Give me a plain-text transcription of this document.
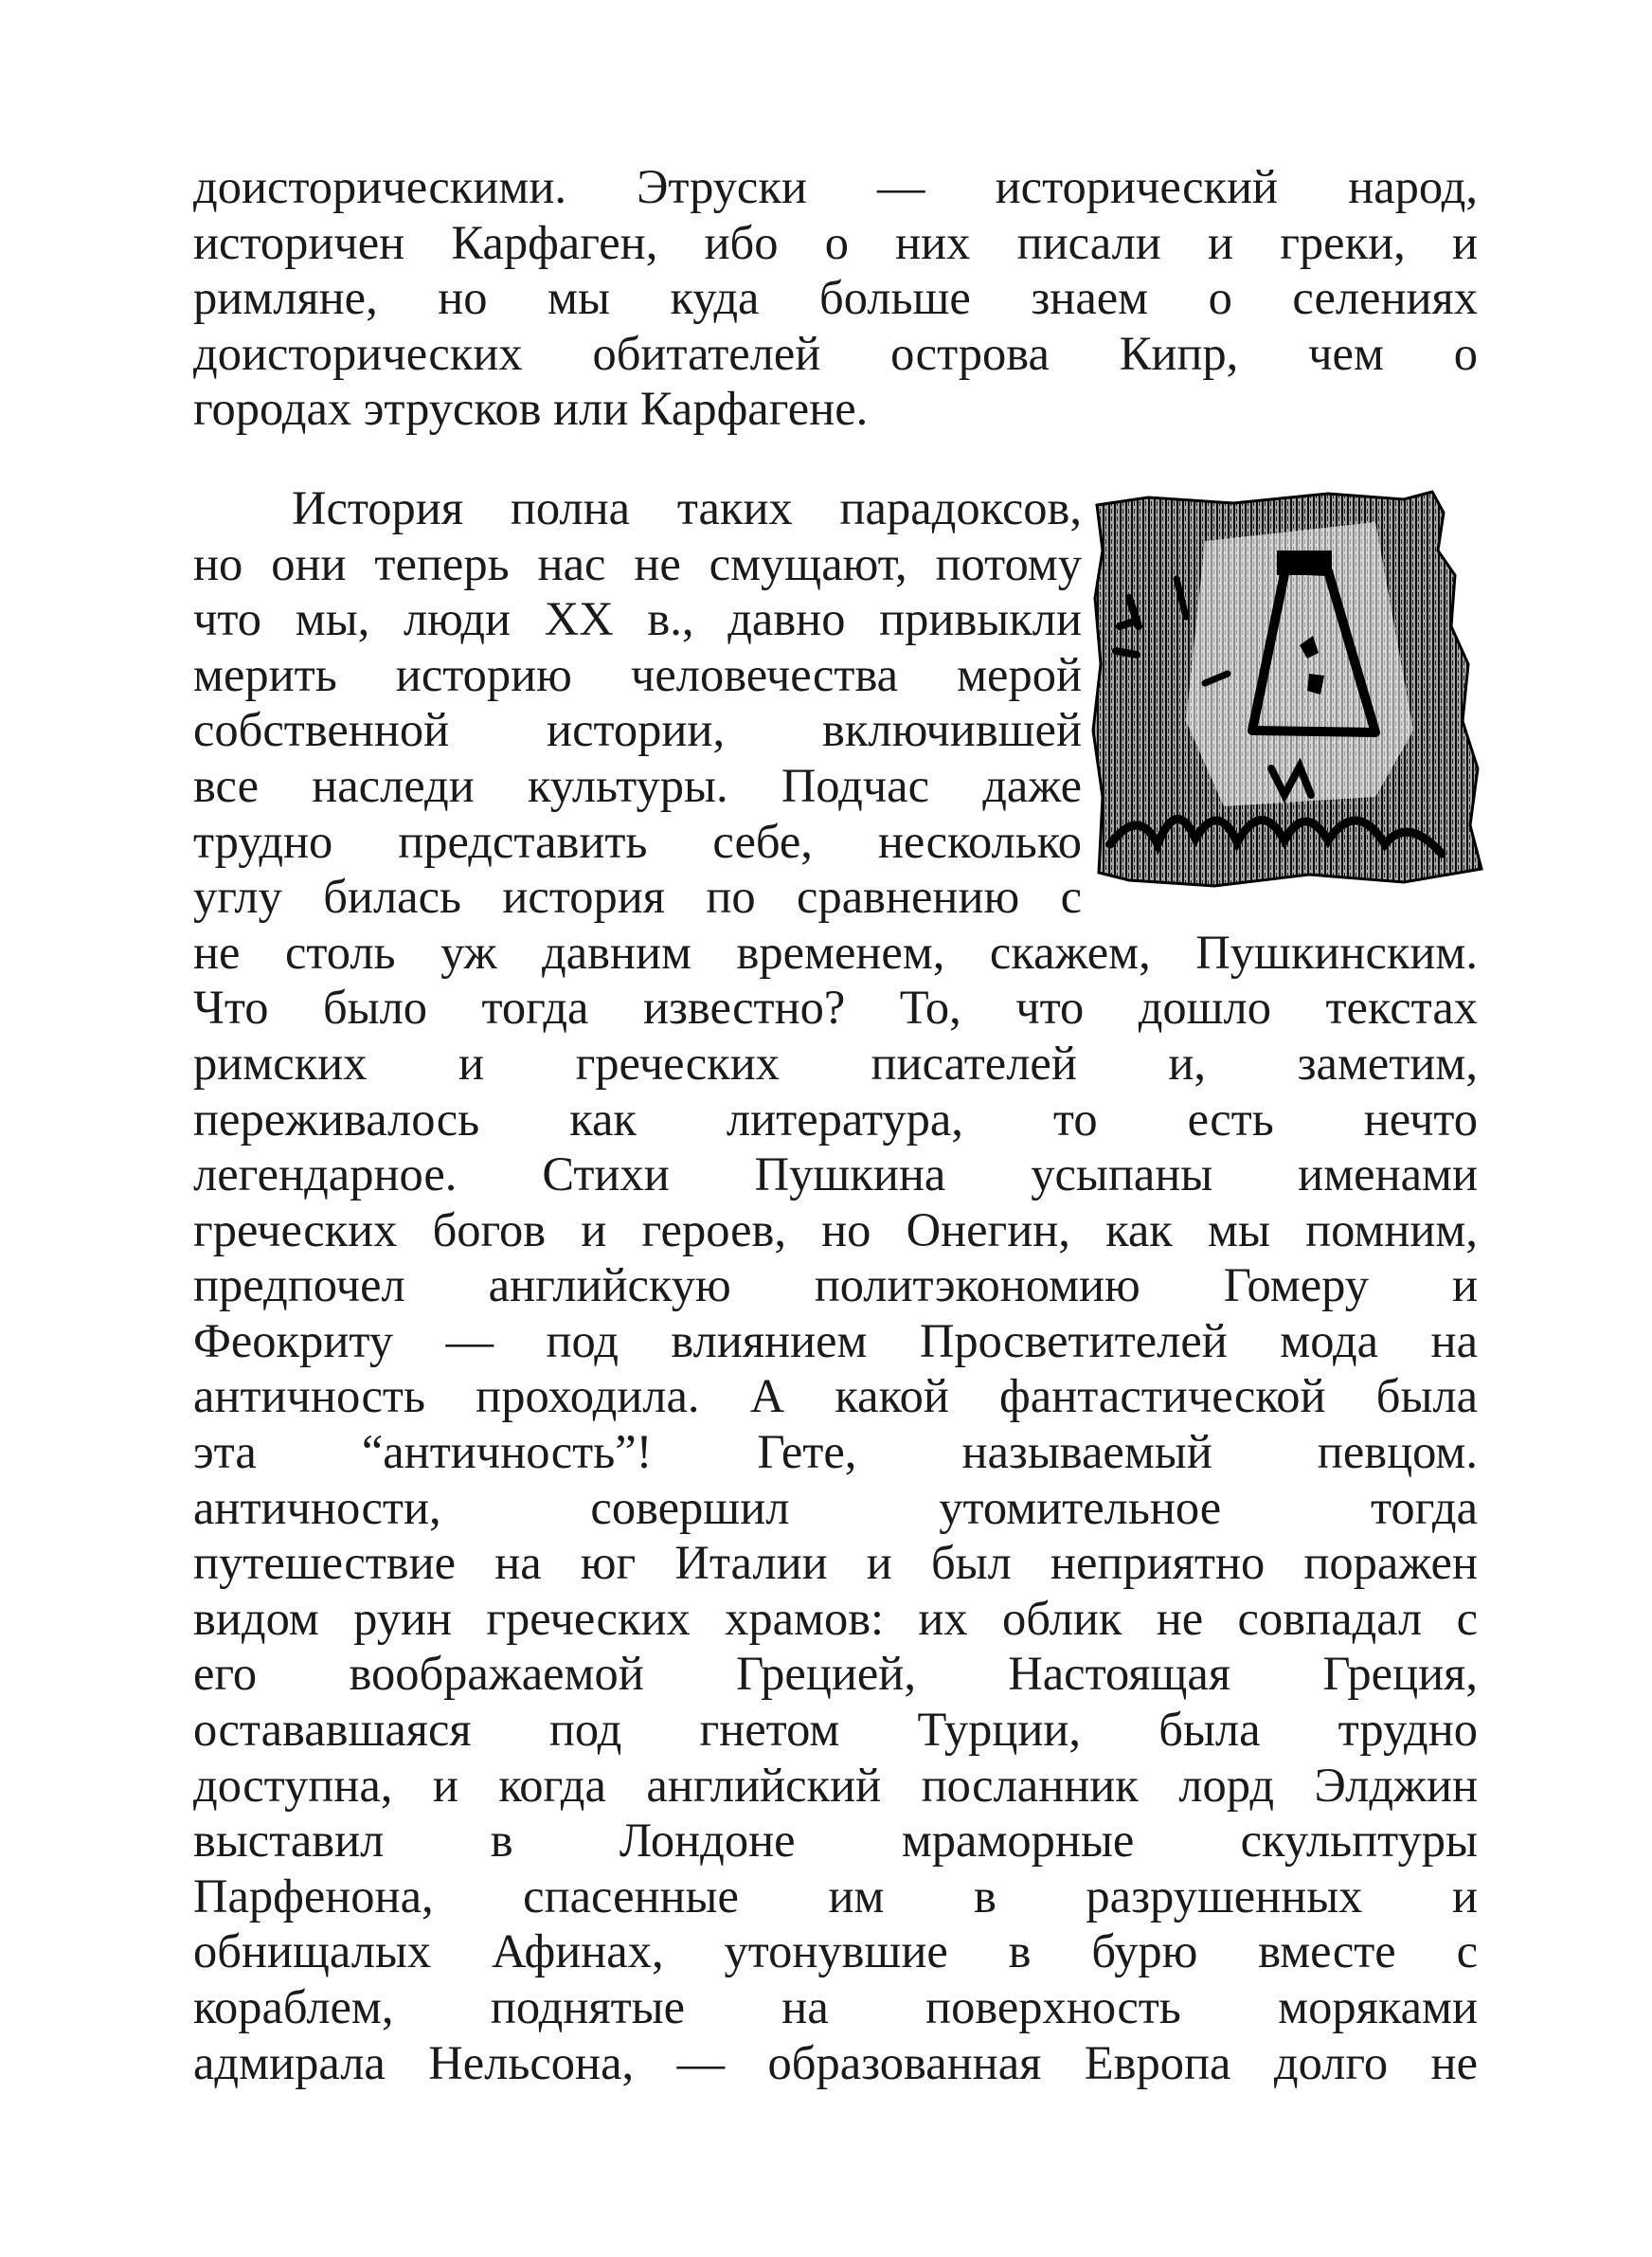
доисторическими. Этруски — исторический народ,
историчен Карфаген, ибо о них писали и греки, и
римляне, но мы куда больше знаем о селениях
доисторических обитателей острова Кипр, чем о
городах этрусков или Карфагене.
История полна таких парадоксов,
но они теперь нас не смущают, потому
что мы, люди XX в., давно привыкли
мерить историю человечества мерой
собственной истории, включившей
все наследи культуры. Подчас даже
трудно представить себе, несколько
углу билась история по сравнению с
не столь уж давним временем, скажем, Пушкинским.
Что было тогда известно? То, что дошло текстах
римских и греческих писателей и, заметим,
переживалось как литература, то есть нечто
легендарное. Стихи Пушкина усыпаны именами
греческих богов и героев, но Онегин, как мы помним,
предпочел английскую политэкономию Гомеру и
Феокриту — под влиянием Просветителей мода на
античность проходила. А какой фантастической была
эта “античность”! Гете, называемый певцом.
античности, совершил утомительное тогда
путешествие на юг Италии и был неприятно поражен
видом руин греческих храмов: их облик не совпадал с
его воображаемой Грецией, Настоящая Греция,
остававшаяся под гнетом Турции, была трудно
доступна, и когда английский посланник лорд Элджин
выставил в Лондоне мраморные скульптуры
Парфенона, спасенные им в разрушенных и
обнищалых Афинах, утонувшие в бурю вместе с
кораблем, поднятые на поверхность моряками
адмирала Нельсона, — образованная Европа долго не
